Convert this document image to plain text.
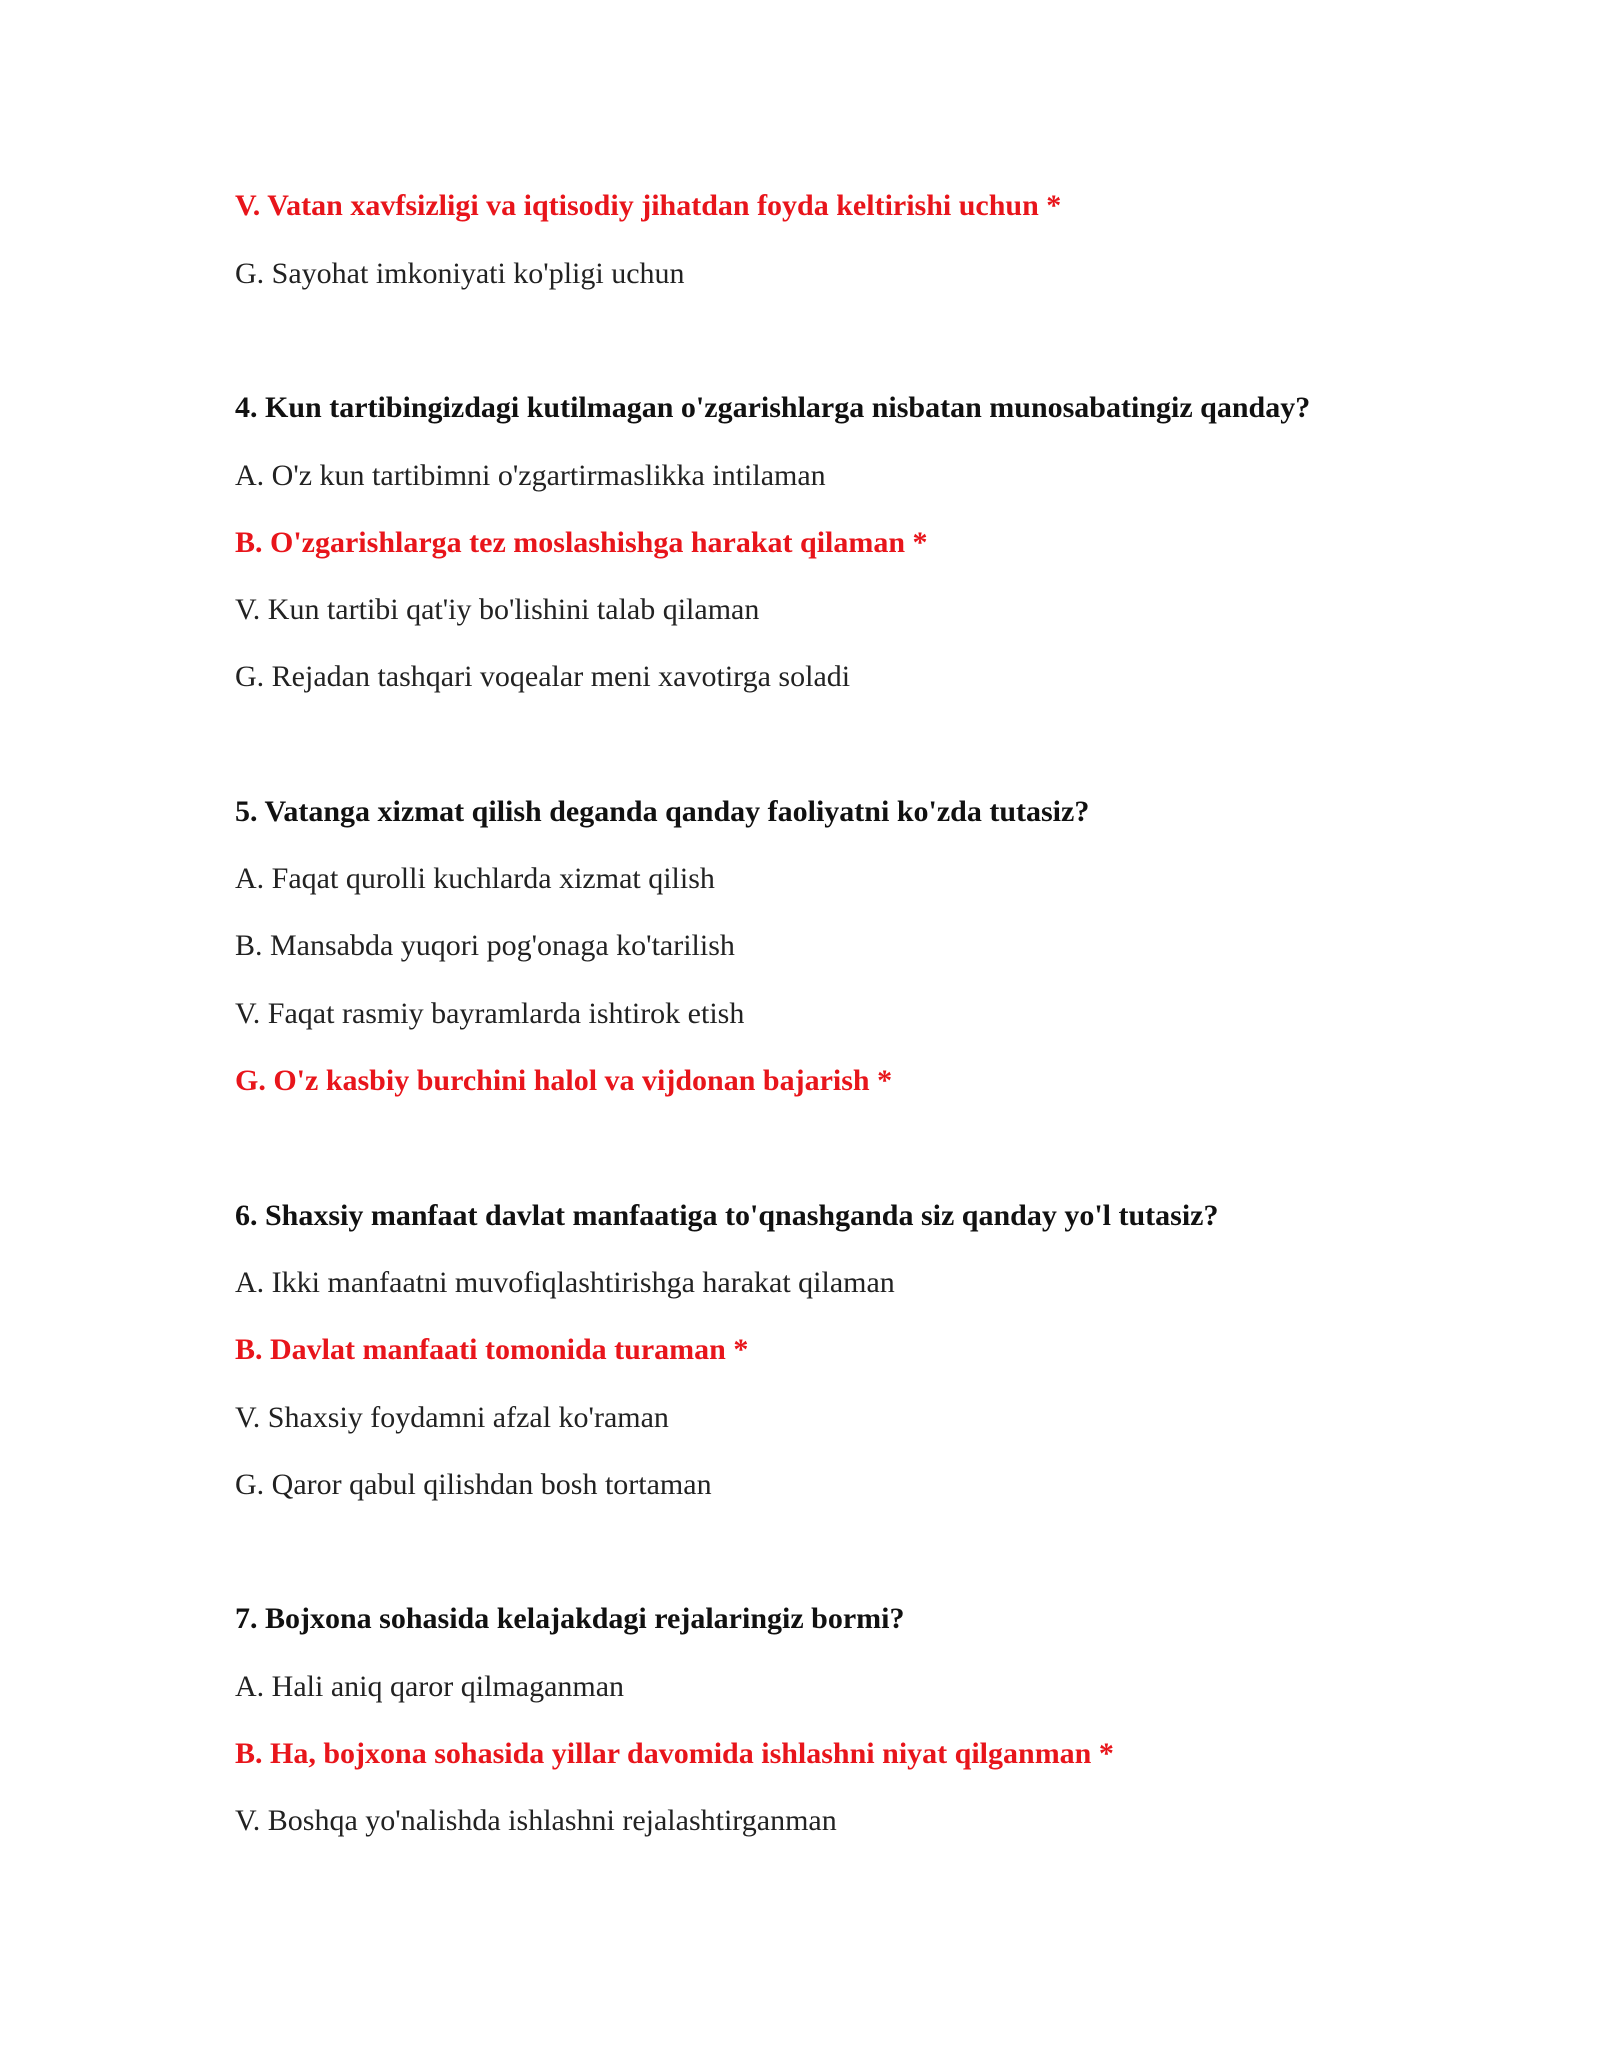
V. Vatan xavfsizligi va iqtisodiy jihatdan foyda keltirishi uchun *
G. Sayohat imkoniyati ko'pligi uchun
4. Kun tartibingizdagi kutilmagan o'zgarishlarga nisbatan munosabatingiz qanday?
A. O'z kun tartibimni o'zgartirmaslikka intilaman
B. O'zgarishlarga tez moslashishga harakat qilaman *
V. Kun tartibi qat'iy bo'lishini talab qilaman
G. Rejadan tashqari voqealar meni xavotirga soladi
5. Vatanga xizmat qilish deganda qanday faoliyatni ko'zda tutasiz?
A. Faqat qurolli kuchlarda xizmat qilish
B. Mansabda yuqori pog'onaga ko'tarilish
V. Faqat rasmiy bayramlarda ishtirok etish
G. O'z kasbiy burchini halol va vijdonan bajarish *
6. Shaxsiy manfaat davlat manfaatiga to'qnashganda siz qanday yo'l tutasiz?
A. Ikki manfaatni muvofiqlashtirishga harakat qilaman
B. Davlat manfaati tomonida turaman *
V. Shaxsiy foydamni afzal ko'raman
G. Qaror qabul qilishdan bosh tortaman
7. Bojxona sohasida kelajakdagi rejalaringiz bormi?
A. Hali aniq qaror qilmaganman
B. Ha, bojxona sohasida yillar davomida ishlashni niyat qilganman *
V. Boshqa yo'nalishda ishlashni rejalashtirganman
